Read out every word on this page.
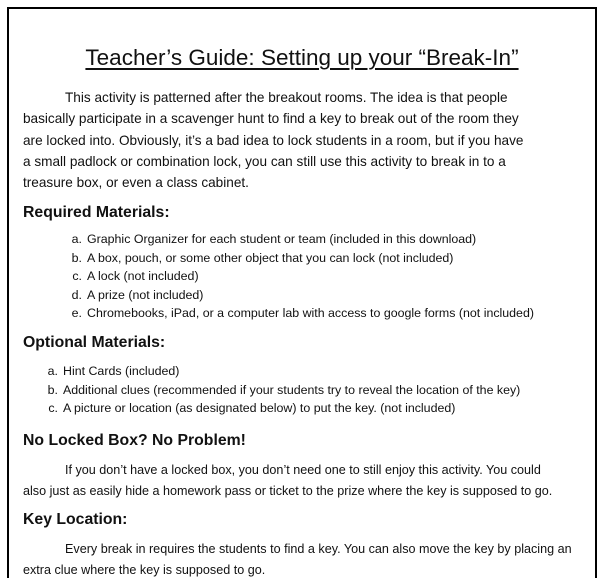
Teacher’s Guide: Setting up your “Break-In”
This activity is patterned after the breakout rooms. The idea is that people
basically participate in a scavenger hunt to find a key to break out of the room they
are locked into. Obviously, it’s a bad idea to lock students in a room, but if you have
a small padlock or combination lock, you can still use this activity to break in to a
treasure box, or even a class cabinet.
Required Materials:
a. Graphic Organizer for each student or team (included in this download)
b. A box, pouch, or some other object that you can lock (not included)
c. A lock (not included)
d. A prize (not included)
e. Chromebooks, iPad, or a computer lab with access to google forms (not included)
Optional Materials:
a. Hint Cards (included)
b. Additional clues (recommended if your students try to reveal the location of the key)
c. A picture or location (as designated below) to put the key. (not included)
No Locked Box? No Problem!
If you don’t have a locked box, you don’t need one to still enjoy this activity. You could
also just as easily hide a homework pass or ticket to the prize where the key is supposed to go.
Key Location:
Every break in requires the students to find a key. You can also move the key by placing an
extra clue where the key is supposed to go.
